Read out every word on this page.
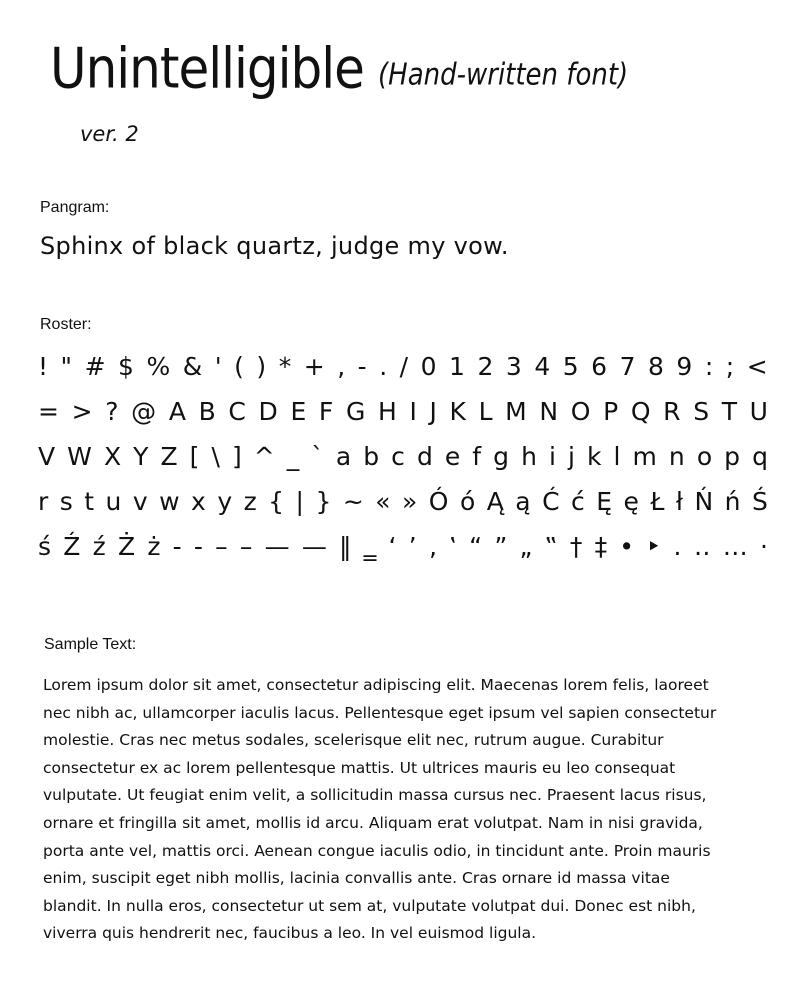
Unintelligible (Hand-written font)
ver. 2
Pangram:
Sphinx of black quartz, judge my vow.
Roster:
! " # $ % & ' ( ) * + , - . / 0 1 2 3 4 5 6 7 8 9 : ; <
= > ? @ A B C D E F G H I J K L M N O P Q R S T U
V W X Y Z [ \ ] ^ _ ` a b c d e f g h i j k l m n o p q
r s t u v w x y z { | } ~ « » Ó ó Ą ą Ć ć Ę ę Ł ł Ń ń Ś
ś Ź ź Ż ż - - – – — — ‖ ‗ ‘ ’ ‚ ‛ “ ” „ ‟ † ‡ • ‣ ․ ‥ … ·
Sample Text:
Lorem ipsum dolor sit amet, consectetur adipiscing elit. Maecenas lorem felis, laoreet
nec nibh ac, ullamcorper iaculis lacus. Pellentesque eget ipsum vel sapien consectetur
molestie. Cras nec metus sodales, scelerisque elit nec, rutrum augue. Curabitur
consectetur ex ac lorem pellentesque mattis. Ut ultrices mauris eu leo consequat
vulputate. Ut feugiat enim velit, a sollicitudin massa cursus nec. Praesent lacus risus,
ornare et fringilla sit amet, mollis id arcu. Aliquam erat volutpat. Nam in nisi gravida,
porta ante vel, mattis orci. Aenean congue iaculis odio, in tincidunt ante. Proin mauris
enim, suscipit eget nibh mollis, lacinia convallis ante. Cras ornare id massa vitae
blandit. In nulla eros, consectetur ut sem at, vulputate volutpat dui. Donec est nibh,
viverra quis hendrerit nec, faucibus a leo. In vel euismod ligula.
